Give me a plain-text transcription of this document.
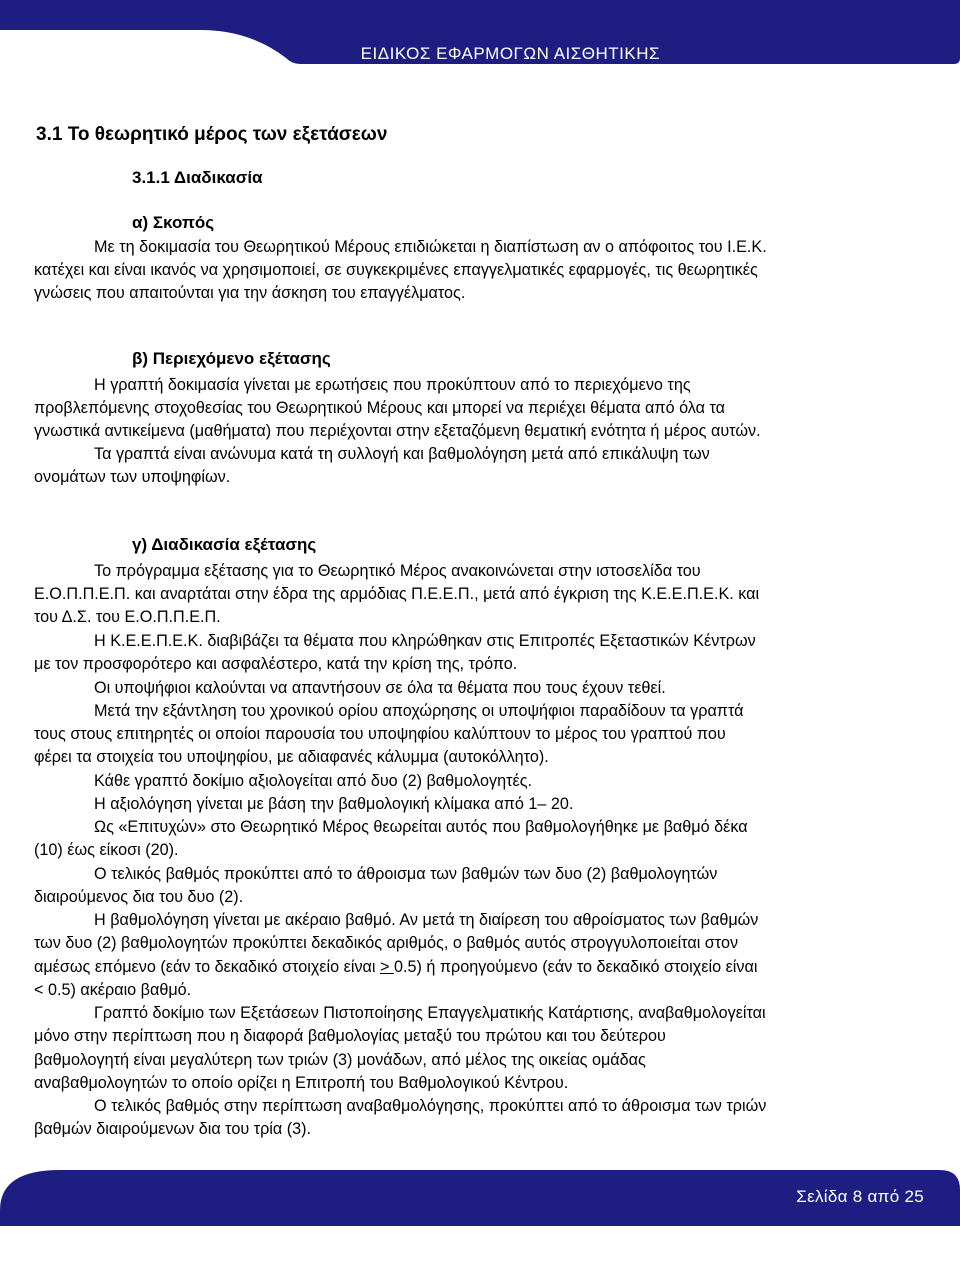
Ε.Ο.Π.Π.Ε.Π.
ΕΙΔΙΚΟΣ ΕΦΑΡΜΟΓΩΝ ΑΙΣΘΗΤΙΚΗΣ
3.1 Το θεωρητικό μέρος των εξετάσεων
3.1.1 Διαδικασία
α) Σκοπός
Με τη δοκιμασία του Θεωρητικού Μέρους επιδιώκεται η διαπίστωση αν ο απόφοιτος του Ι.Ε.Κ.
κατέχει και είναι ικανός να χρησιμοποιεί, σε συγκεκριμένες επαγγελματικές εφαρμογές, τις θεωρητικές
γνώσεις που απαιτούνται για την άσκηση του επαγγέλματος.
β) Περιεχόμενο εξέτασης
Η γραπτή δοκιμασία γίνεται με ερωτήσεις που προκύπτουν από το περιεχόμενο της
προβλεπόμενης στοχοθεσίας του Θεωρητικού Μέρους και μπορεί να περιέχει θέματα από όλα τα
γνωστικά αντικείμενα (μαθήματα) που περιέχονται στην εξεταζόμενη θεματική ενότητα ή μέρος αυτών.
Τα γραπτά είναι ανώνυμα κατά τη συλλογή και βαθμολόγηση μετά από επικάλυψη των
ονομάτων των υποψηφίων.
γ) Διαδικασία εξέτασης
Το πρόγραμμα εξέτασης για το Θεωρητικό Μέρος ανακοινώνεται στην ιστοσελίδα του
Ε.Ο.Π.Π.Ε.Π. και αναρτάται στην έδρα της αρμόδιας Π.Ε.Ε.Π., μετά από έγκριση της Κ.Ε.Ε.Π.Ε.Κ. και
του Δ.Σ. του Ε.Ο.Π.Π.Ε.Π.
Η Κ.Ε.Ε.Π.Ε.Κ. διαβιβάζει τα θέματα που κληρώθηκαν στις Επιτροπές Εξεταστικών Κέντρων
με τον προσφορότερο και ασφαλέστερο, κατά την κρίση της, τρόπο.
Οι υποψήφιοι καλούνται να απαντήσουν σε όλα τα θέματα που τους έχουν τεθεί.
Μετά την εξάντληση του χρονικού ορίου αποχώρησης οι υποψήφιοι παραδίδουν τα γραπτά
τους στους επιτηρητές οι οποίοι παρουσία του υποψηφίου καλύπτουν το μέρος του γραπτού που
φέρει τα στοιχεία του υποψηφίου, με αδιαφανές κάλυμμα (αυτοκόλλητο).
Κάθε γραπτό δοκίμιο αξιολογείται από δυο (2) βαθμολογητές.
Η αξιολόγηση γίνεται με βάση την βαθμολογική κλίμακα από 1– 20.
Ως «Επιτυχών» στο Θεωρητικό Μέρος θεωρείται αυτός που βαθμολογήθηκε με βαθμό δέκα
(10) έως είκοσι (20).
Ο τελικός βαθμός προκύπτει από το άθροισμα των βαθμών των δυο (2) βαθμολογητών
διαιρούμενος δια του δυο (2).
Η βαθμολόγηση γίνεται με ακέραιο βαθμό. Αν μετά τη διαίρεση του αθροίσματος των βαθμών
των δυο (2) βαθμολογητών προκύπτει δεκαδικός αριθμός, ο βαθμός αυτός στρογγυλοποιείται στον
αμέσως επόμενο (εάν το δεκαδικό στοιχείο είναι > 0.5) ή προηγούμενο (εάν το δεκαδικό στοιχείο είναι
< 0.5) ακέραιο βαθμό.
Γραπτό δοκίμιο των Εξετάσεων Πιστοποίησης Επαγγελματικής Κατάρτισης, αναβαθμολογείται
μόνο στην περίπτωση που η διαφορά βαθμολογίας μεταξύ του πρώτου και του δεύτερου
βαθμολογητή είναι μεγαλύτερη των τριών (3) μονάδων, από μέλος της οικείας ομάδας
αναβαθμολογητών το οποίο ορίζει η Επιτροπή του Βαθμολογικού Κέντρου.
Ο τελικός βαθμός στην περίπτωση αναβαθμολόγησης, προκύπτει από το άθροισμα των τριών
βαθμών διαιρούμενων δια του τρία (3).
Σελίδα 8 από 25
